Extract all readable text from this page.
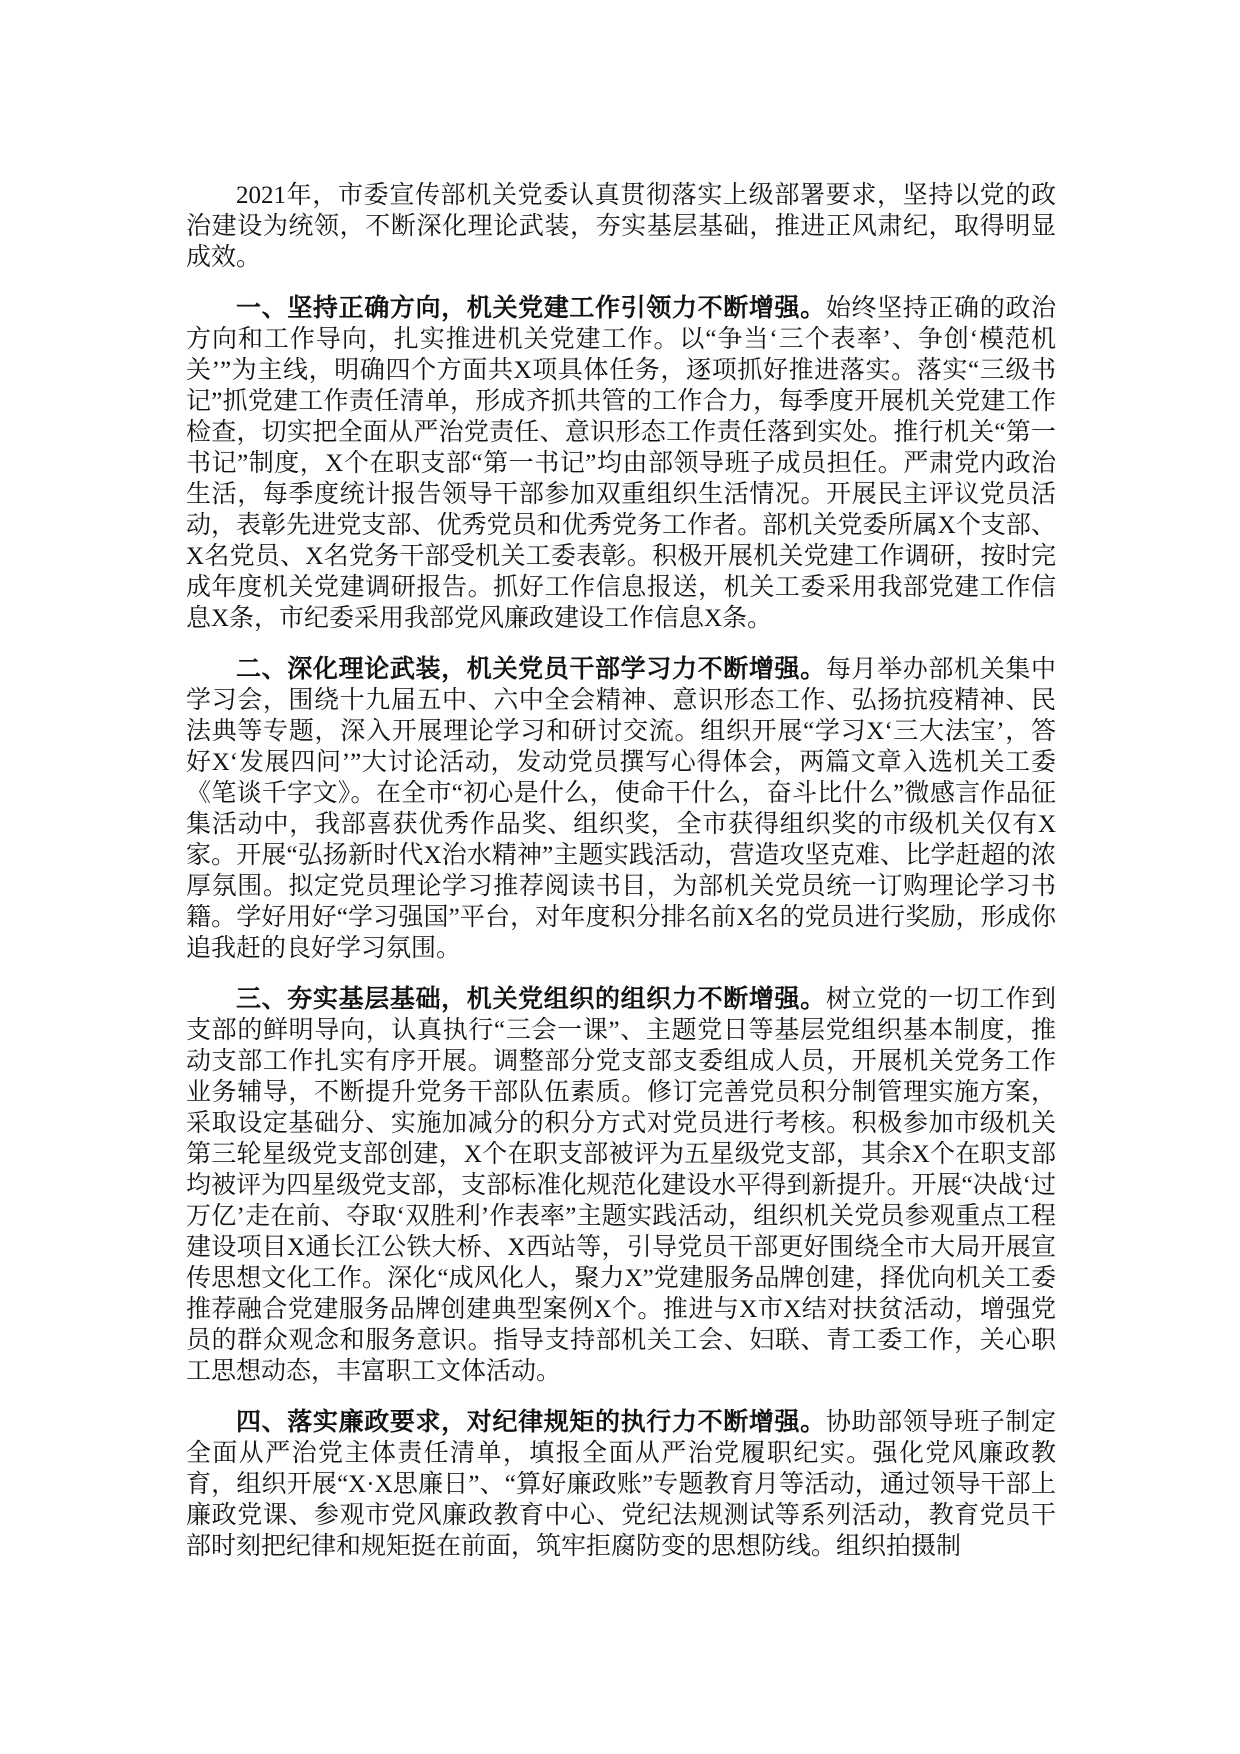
2021年，市委宣传部机关党委认真贯彻落实上级部署要求，坚持以党的政治建设为统领，不断深化理论武装，夯实基层基础，推进正风肃纪，取得明显成效。

一、坚持正确方向，机关党建工作引领力不断增强。始终坚持正确的政治方向和工作导向，扎实推进机关党建工作。以“争当‘三个表率’、争创‘模范机关’”为主线，明确四个方面共X项具体任务，逐项抓好推进落实。落实“三级书记”抓党建工作责任清单，形成齐抓共管的工作合力，每季度开展机关党建工作检查，切实把全面从严治党责任、意识形态工作责任落到实处。推行机关“第一书记”制度，X个在职支部“第一书记”均由部领导班子成员担任。严肃党内政治生活，每季度统计报告领导干部参加双重组织生活情况。开展民主评议党员活动，表彰先进党支部、优秀党员和优秀党务工作者。部机关党委所属X个支部、X名党员、X名党务干部受机关工委表彰。积极开展机关党建工作调研，按时完成年度机关党建调研报告。抓好工作信息报送，机关工委采用我部党建工作信息X条，市纪委采用我部党风廉政建设工作信息X条。

二、深化理论武装，机关党员干部学习力不断增强。每月举办部机关集中学习会，围绕十九届五中、六中全会精神、意识形态工作、弘扬抗疫精神、民法典等专题，深入开展理论学习和研讨交流。组织开展“学习X‘三大法宝’，答好X‘发展四问’”大讨论活动，发动党员撰写心得体会，两篇文章入选机关工委《笔谈千字文》。在全市“初心是什么，使命干什么，奋斗比什么”微感言作品征集活动中，我部喜获优秀作品奖、组织奖，全市获得组织奖的市级机关仅有X家。开展“弘扬新时代X治水精神”主题实践活动，营造攻坚克难、比学赶超的浓厚氛围。拟定党员理论学习推荐阅读书目，为部机关党员统一订购理论学习书籍。学好用好“学习强国”平台，对年度积分排名前X名的党员进行奖励，形成你追我赶的良好学习氛围。

三、夯实基层基础，机关党组织的组织力不断增强。树立党的一切工作到支部的鲜明导向，认真执行“三会一课”、主题党日等基层党组织基本制度，推动支部工作扎实有序开展。调整部分党支部支委组成人员，开展机关党务工作业务辅导，不断提升党务干部队伍素质。修订完善党员积分制管理实施方案，采取设定基础分、实施加减分的积分方式对党员进行考核。积极参加市级机关第三轮星级党支部创建，X个在职支部被评为五星级党支部，其余X个在职支部均被评为四星级党支部，支部标准化规范化建设水平得到新提升。开展“决战‘过万亿’走在前、夺取‘双胜利’作表率”主题实践活动，组织机关党员参观重点工程建设项目X通长江公铁大桥、X西站等，引导党员干部更好围绕全市大局开展宣传思想文化工作。深化“成风化人，聚力X”党建服务品牌创建，择优向机关工委推荐融合党建服务品牌创建典型案例X个。推进与X市X结对扶贫活动，增强党员的群众观念和服务意识。指导支持部机关工会、妇联、青工委工作，关心职工思想动态，丰富职工文体活动。

四、落实廉政要求，对纪律规矩的执行力不断增强。协助部领导班子制定全面从严治党主体责任清单，填报全面从严治党履职纪实。强化党风廉政教育，组织开展“X·X思廉日”、“算好廉政账”专题教育月等活动，通过领导干部上廉政党课、参观市党风廉政教育中心、党纪法规测试等系列活动，教育党员干部时刻把纪律和规矩挺在前面，筑牢拒腐防变的思想防线。组织拍摄制
